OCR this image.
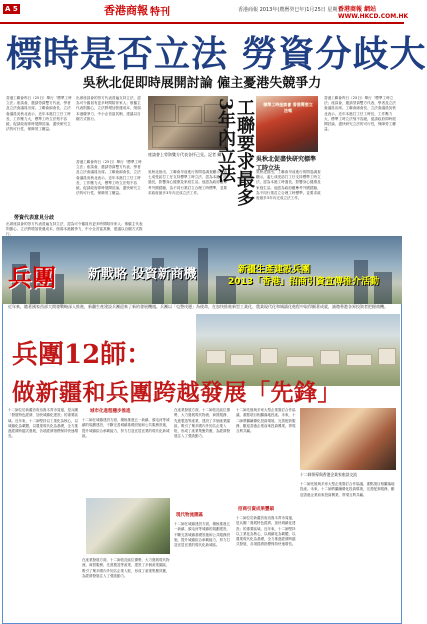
A 5	香港商報 特刊	香港商報 2013年(農曆癸巳年)1月25日 星期五
香港商報 網站 WWW.HKCD.COM.HK
標時是否立法 勞資分歧大
吳秋北促即時展開討論 僱主憂港失競爭力
香港工聯會昨日（25日）舉行「標準工時立法」座談會，邀請勞資雙方代表、學者及立法會議員出席。工聯會副會長、立法會議員吳秋北表示，近年本港打工仔工時長、工作壓力大，標準工時立法刻不容緩，促請政府即時展開討論，盡快研究立法的可行性，保障勞工權益。
出席座談會的勞方代表普遍支持立法，認為可令僱員有更多時間陪伴家人；惟僱主代表則擔心，立法將增加營運成本，削弱本港競爭力，中小企首當其衝，建議以自願方式推行。
勞資代表意見分歧
出席座談會的勞方代表普遍支持立法，認為可令僱員有更多時間陪伴家人；惟僱主代表則擔心，立法將增加營運成本，削弱本港競爭力，中小企首當其衝，建議以自願方式推行。
香港工聯會昨日（25日）舉行「標準工時立法」座談會，邀請勞資雙方代表、學者及立法會議員出席。工聯會副會長、立法會議員吳秋北表示，近年本港打工仔工時長、工作壓力大，標準工時立法刻不容緩，促請政府即時展開討論，盡快研究立法的可行性，保障勞工權益。
座談會上勞資雙方代表各抒己見。記者 攝
吳秋北指出，工聯會早前進行的問卷調查顯示，逾七成受訪打工仔支持標準工時立法，認為本港工時過長，影響身心健康及家庭生活。他認為政府應參考外國經驗，為不同行業訂立合理工時標準，並要求政府最多3年內完成立法工作。	工聯要求最多3年內立法	標準工時座談會 香港需要立法嗎
吳秋北促盡快研究標準工時立法
吳秋北指出，工聯會早前進行的問卷調查顯示，逾七成受訪打工仔支持標準工時立法，認為本港工時過長，影響身心健康及家庭生活。他認為政府應參考外國經驗，為不同行業訂立合理工時標準，並要求政府最多3年內完成立法工作。
香港工聯會昨日（25日）舉行「標準工時立法」座談會，邀請勞資雙方代表、學者及立法會議員出席。工聯會副會長、立法會議員吳秋北表示，近年本港打工仔工時長、工作壓力大，標準工時立法刻不容緩，促請政府即時展開討論，盡快研究立法的可行性，保障勞工權益。
兵團 新戰略 投資新商機	新疆生產建設兵團
2013「香港」招商引資宣傳推介活動
近年來，隨著國家西部大開發戰略深入推進，新疆生產建設兵團迎來了新的發展機遇。兵團以「屯墾戍邊」為使命，在加快推進新型工業化、農業現代化和城鎮化進程中取得顯著成就，誠邀香港各界投資者把握商機。
兵團12師：
做新疆和兵團跨越發展「先鋒」
十二師位於新疆首府烏魯木齊市周邊，是兵團「發展特色經濟、加快城鎮化建設」的重要區域。近年來，十二師堅持以工業化為核心，以城鎮化為載體，以農業現代化為基礎，全力推進經濟跨越式發展，各項經濟指標保持快速增長。
城市化進程穩步推進
十二師在城鎮建設方面，積極推進五一新鎮、頭屯河等城鎮的規劃建設，不斷完善城鎮基礎設施和公共服務設施，提升城鎮綜合承載能力，努力打造宜居宜業的現代化新城區。
在產業發展方面，十二師依託區位優勢，大力發展現代物流、商貿服務、先進製造等產業，建設了多個產業園區，吸引了眾多國內外知名企業入駐，形成了產業集聚效應，為經濟發展注入了強勁動力。
在產業發展方面，十二師依託區位優勢，大力發展現代物流、商貿服務、先進製造等產業，建設了多個產業園區，吸引了眾多國內外知名企業入駐，形成了產業集聚效應，為經濟發展注入了強勁動力。
現代物流園區
十二師在城鎮建設方面，積極推進五一新鎮、頭屯河等城鎮的規劃建設，不斷完善城鎮基礎設施和公共服務設施，提升城鎮綜合承載能力，努力打造宜居宜業的現代化新城區。
十二師先後與多家大型企業簽訂合作協議，重點項目相繼落地投產。未來，十二師將繼續優化投資環境，完善配套服務，歡迎香港企業前來投資興業，實現互利共贏。
招商引資成果豐碩
十二師位於新疆首府烏魯木齊市周邊，是兵團「發展特色經濟、加快城鎮化建設」的重要區域。近年來，十二師堅持以工業化為核心，以城鎮化為載體，以農業現代化為基礎，全力推進經濟跨越式發展，各項經濟指標保持快速增長。
十二師領導與香港企業家座談交流
十二師先後與多家大型企業簽訂合作協議，重點項目相繼落地投產。未來，十二師將繼續優化投資環境，完善配套服務，歡迎香港企業前來投資興業，實現互利共贏。
